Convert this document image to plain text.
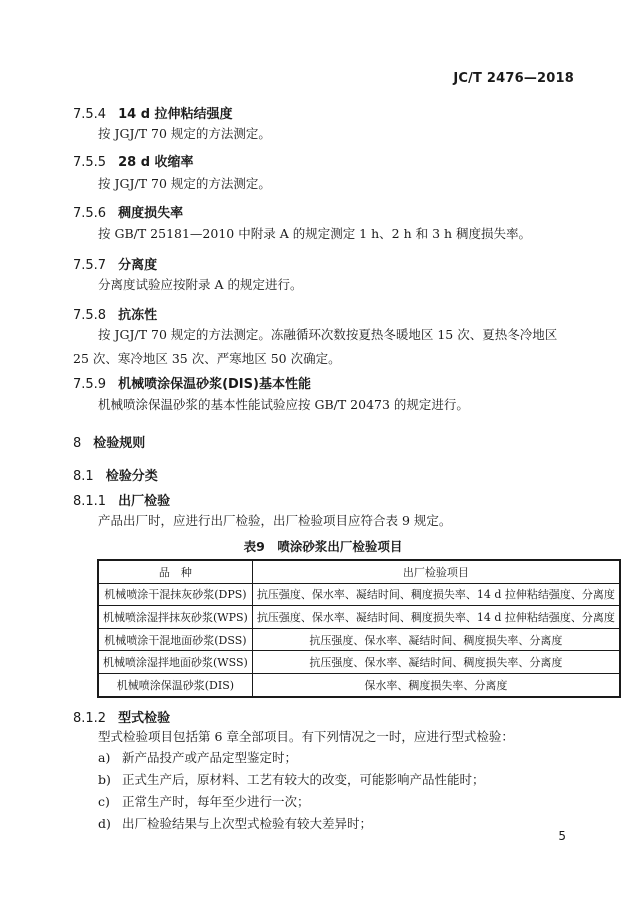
JC/T 2476—2018
7.5.4 14 d 拉伸粘结强度
按 JGJ/T 70 规定的方法测定。
7.5.5 28 d 收缩率
按 JGJ/T 70 规定的方法测定。
7.5.6 稠度损失率
按 GB/T 25181—2010 中附录 A 的规定测定 1 h、2 h 和 3 h 稠度损失率。
7.5.7 分离度
分离度试验应按附录 A 的规定进行。
7.5.8 抗冻性
按 JGJ/T 70 规定的方法测定。冻融循环次数按夏热冬暖地区 15 次、夏热冬冷地区 25 次、寒冷地区 35 次、严寒地区 50 次确定。
7.5.9 机械喷涂保温砂浆(DIS)基本性能
机械喷涂保温砂浆的基本性能试验应按 GB/T 20473 的规定进行。
8 检验规则
8.1 检验分类
8.1.1 出厂检验
产品出厂时，应进行出厂检验，出厂检验项目应符合表 9 规定。
表9　喷涂砂浆出厂检验项目
品　种	出厂检验项目
机械喷涂干混抹灰砂浆(DPS)	抗压强度、保水率、凝结时间、稠度损失率、14 d 拉伸粘结强度、分离度
机械喷涂湿拌抹灰砂浆(WPS)	抗压强度、保水率、凝结时间、稠度损失率、14 d 拉伸粘结强度、分离度
机械喷涂干混地面砂浆(DSS)	抗压强度、保水率、凝结时间、稠度损失率、分离度
机械喷涂湿拌地面砂浆(WSS)	抗压强度、保水率、凝结时间、稠度损失率、分离度
机械喷涂保温砂浆(DIS)	保水率、稠度损失率、分离度
8.1.2 型式检验
型式检验项目包括第 6 章全部项目。有下列情况之一时，应进行型式检验：
a) 新产品投产或产品定型鉴定时；
b) 正式生产后，原材料、工艺有较大的改变，可能影响产品性能时；
c) 正常生产时，每年至少进行一次；
d) 出厂检验结果与上次型式检验有较大差异时；
5
